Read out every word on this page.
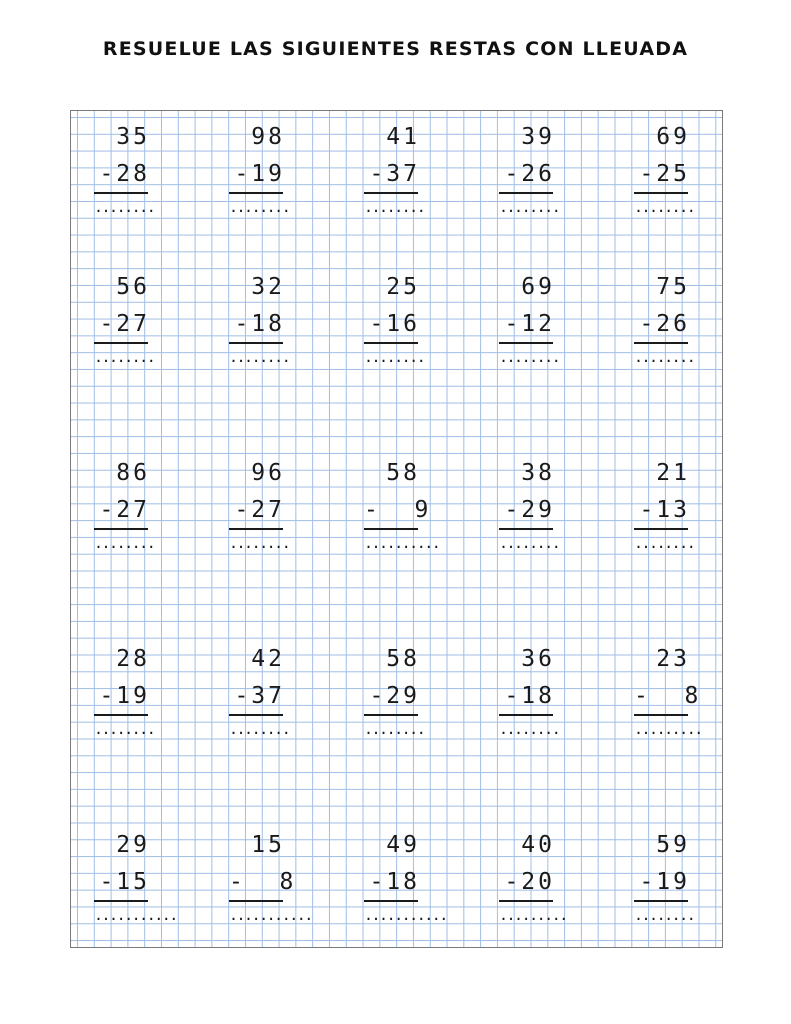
RESUELUE LAS SIGUIENTES RESTAS CON LLEUADA
35
-28
........
98
-19
........
41
-37
........
39
-26
........
69
-25
........
56
-27
........
32
-18
........
25
-16
........
69
-12
........
75
-26
........
86
-27
........
96
-27
........
58
-  9
..........
38
-29
........
21
-13
........
28
-19
........
42
-37
........
58
-29
........
36
-18
........
23
-  8
.........
29
-15
...........
15
-  8
...........
49
-18
...........
40
-20
.........
59
-19
........
